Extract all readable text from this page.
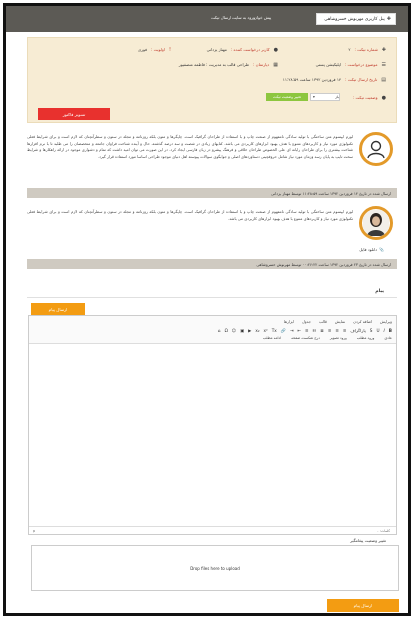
✚
پنل کاربری مهرنوش خسروشاهی
پیش خوان
ورود به سایت
ارسال تیکت
✚
شماره تیکت :
۲
●
کاربر درخواست کننده :
مهناز یزدانی
!
اولویت :
فوری
☰
موضوع درخواست :
اپلیکیشن پستی
▦
دپارتمان :
طراحی قالب به مدیریت : فاطمه منصفیور
▤
تاریخ ارسال تیکت :
۱۴ فروردین ۱۳۹۲ ساعت ۱۱:۲۸:۵۹
●
وضعیت تیکت :
تغییر وضعیت تیکت	▾	باز
تسوبر فاکتور

لورم ایپسوم متن ساختگی با تولید سادگی نامفهوم از صنعت چاپ و با استفاده از طراحان گرافیک است. چاپگرها و متون بلکه روزنامه و مجله در ستون و سطرآنچنان که لازم است و برای شرایط فعلی تکنولوژی مورد نیاز و کاربردهای متنوع با هدف بهبود ابزارهای کاربردی می باشد. کتابهای زیادی در شصت و سه درصد گذشته، حال و آینده شناخت فراوان جامعه و متخصصان را می طلبد تا با نرم افزارها شناخت بیشتری را برای طراحان رایانه ای علی الخصوص طراحان خلاقی و فرهنگ پیشرو در زبان فارسی ایجاد کرد. در این صورت می توان امید داشت که تمام و دشواری موجود در ارائه راهکارها و شرایط سخت تایپ به پایان رسد وزمان مورد نیاز شامل حروفچینی دستاوردهای اصلی و جوابگوی سوالات پیوسته اهل دنیای موجود طراحی اساسا مورد استفاده قرار گیرد.

ارسال شده در تاریخ ۱۴ فروردین ۱۳۹۲ ساعت ۱۱:۲۸:۵۹ توسط مهناز یزدانی

لورم ایپسوم متن ساختگی با تولید سادگی نامفهوم از صنعت چاپ و با استفاده از طراحان گرافیک است. چاپگرها و متون بلکه روزنامه و مجله در ستون و سطرآنچنان که لازم است و برای شرایط فعلی تکنولوژی مورد نیاز و کاربردهای متنوع با هدف بهبود ابزارهای کاربردی می باشد.

📎
دانلود فایل
ارسال شده در تاریخ ۲۳ فروردین ۱۳۹۲ ساعت ۰۰:۲۶:۲۲ توسط مهرنوش خسروشاهی
پیام
ارسال پیام
ویرایش
اضافه کردن
نمایش
قالب
جدول
ابزارها
⌂ Ω ☺ ▣ ▶ x₂ x² Tx 🔗 ⇥ ⇤ ≡ ☷ ≣ ≡ ≡ ≡ پاراگراف S U I B
عادی
ورود مطلب
ورود تصویر
درج شکست صفحه
ادامه مطلب
p	کلمات: ۰
تغییر وضعیت پیغامگیر
Drop files here to upload
ارسال پیام
